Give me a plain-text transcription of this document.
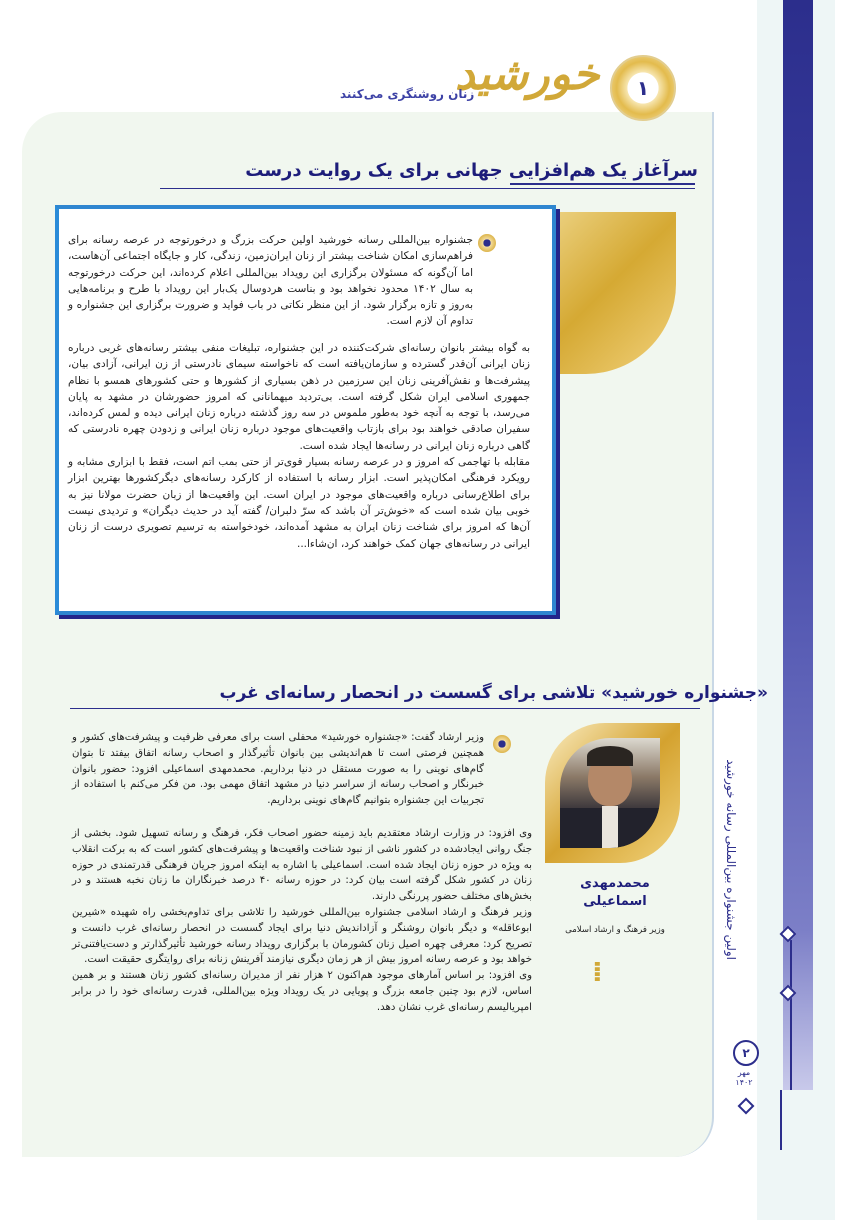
اولین جشنواره بین‌المللی رسانه خورشید
۱
خورشید
زنان روشنگری می‌کنند
سرآغاز یک هم‌افزایی جهانی برای یک روایت درست

جشنواره بین‌المللی رسانه خورشید اولین حرکت بزرگ و درخورتوجه در عرصه رسانه برای فراهم‌سازی امکان شناخت بیشتر از زنان ایران‌زمین، زندگی، کار و جایگاه اجتماعی آن‌هاست، اما آن‌گونه که مسئولان برگزاری این رویداد بین‌المللی اعلام کرده‌اند، این حرکت درخورتوجه به سال ۱۴۰۲ محدود نخواهد بود و بناست هردوسال یک‌بار این رویداد با طرح و برنامه‌هایی به‌روز و تازه برگزار شود. از این منظر نکاتی در باب فواید و ضرورت برگزاری این جشنواره و تداوم آن لازم است.

به گواه بیشتر بانوان رسانه‌ای شرکت‌کننده در این جشنواره، تبلیغات منفی بیشتر رسانه‌های غربی درباره زنان ایرانی آن‌قدر گسترده و سازمان‌یافته است که ناخواسته سیمای نادرستی از زن ایرانی، آزادی بیان، پیشرفت‌ها و نقش‌آفرینی زنان این سرزمین در ذهن بسیاری از کشورها و حتی کشورهای همسو با نظام جمهوری اسلامی ایران شکل گرفته است. بی‌تردید میهمانانی که امروز حضورشان در مشهد به پایان می‌رسد، با توجه به آنچه خود به‌طور ملموس در سه روز گذشته درباره زنان ایرانی دیده و لمس کرده‌اند، سفیران صادقی خواهند بود برای بازتاب واقعیت‌های موجود درباره زنان ایرانی و زدودن چهره نادرستی که گاهی درباره زنان ایرانی در رسانه‌ها ایجاد شده است.

مقابله با تهاجمی که امروز و در عرصه رسانه بسیار قوی‌تر از حتی بمب اتم است، فقط با ابزاری مشابه و رویکرد فرهنگی امکان‌پذیر است. ابزار رسانه با استفاده از کارکرد رسانه‌های دیگرکشورها بهترین ابزار برای اطلاع‌رسانی درباره واقعیت‌های موجود در ایران است. این واقعیت‌ها از زبان حضرت مولانا نیز به خوبی بیان شده است که «خوش‌تر آن باشد که سرّ دلبران/ گفته آید در حدیث دیگران» و تردیدی نیست آن‌ها که امروز برای شناخت زنان ایران به مشهد آمده‌اند، خودخواسته به ترسیم تصویری درست از زنان ایرانی در رسانه‌های جهان کمک خواهند کرد، ان‌شاءا...

«جشنواره خورشید» تلاشی برای گسست در انحصار رسانه‌ای غرب
محمدمهدی
اسماعیلی
وزیر فرهنگ و ارشاد اسلامی
⁞

وزیر ارشاد گفت: «جشنواره خورشید» محفلی است برای معرفی ظرفیت و پیشرفت‌های کشور و همچنین فرصتی است تا هم‌اندیشی بین بانوان تأثیرگذار و اصحاب رسانه اتفاق بیفتد تا بتوان گام‌های نوینی را به صورت مستقل در دنیا برداریم. محمدمهدی اسماعیلی افزود: حضور بانوان خبرنگار و اصحاب رسانه از سراسر دنیا در مشهد اتفاق مهمی بود. من فکر می‌کنم با استفاده از تجربیات این جشنواره بتوانیم گام‌های نوینی برداریم.

وی افزود: در وزارت ارشاد معتقدیم باید زمینه حضور اصحاب فکر، فرهنگ و رسانه تسهیل شود. بخشی از جنگ روانی ایجادشده در کشور ناشی از نبود شناخت واقعیت‌ها و پیشرفت‌های کشور است که به برکت انقلاب به ویژه در حوزه زنان ایجاد شده است. اسماعیلی با اشاره به اینکه امروز جریان فرهنگی قدرتمندی در حوزه زنان در کشور شکل گرفته است بیان کرد: در حوزه رسانه ۴۰ درصد خبرنگاران ما زنان نخبه هستند و در بخش‌های مختلف حضور پررنگی دارند.

وزیر فرهنگ و ارشاد اسلامی جشنواره بین‌المللی خورشید را تلاشی برای تداوم‌بخشی راه شهیده «شیرین ابوعاقله» و دیگر بانوان روشنگر و آزاداندیش دنیا برای ایجاد گسست در انحصار رسانه‌ای غرب دانست و تصریح کرد: معرفی چهره اصیل زنان کشورمان با برگزاری رویداد رسانه خورشید تأثیرگذارتر و دست‌یافتنی‌تر خواهد بود و عرصه رسانه امروز بیش از هر زمان دیگری نیازمند آفرینش زنانه برای روایتگری حقیقت است.

وی افزود: بر اساس آمارهای موجود هم‌اکنون ۲ هزار نفر از مدیران رسانه‌ای کشور زنان هستند و بر همین اساس، لازم بود چنین جامعه بزرگ و پویایی در یک رویداد ویژه بین‌المللی، قدرت رسانه‌ای خود را در برابر امپریالیسم رسانه‌ای غرب نشان دهد.

۲
مهر
۱۴۰۲
